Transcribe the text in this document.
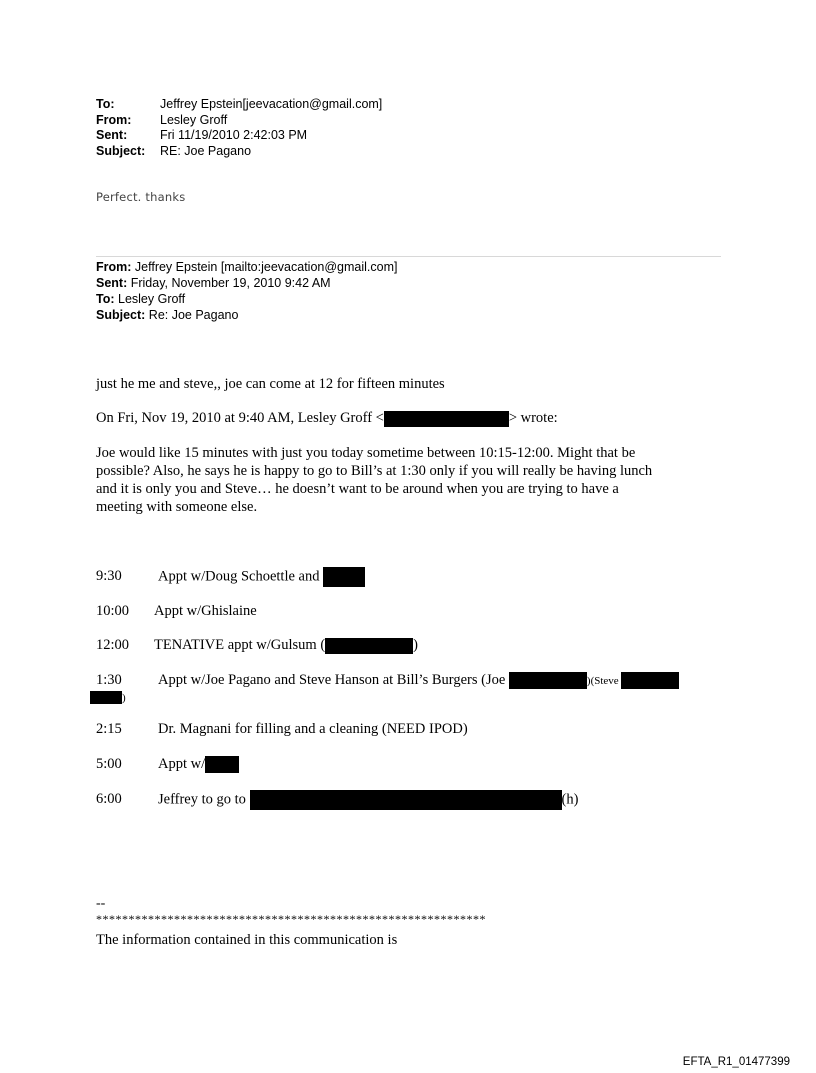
To:	Jeffrey Epstein[jeevacation@gmail.com]
From:	Lesley Groff
Sent:	Fri 11/19/2010 2:42:03 PM
Subject:	RE: Joe Pagano
Perfect. thanks
From: Jeffrey Epstein [mailto:jeevacation@gmail.com]
Sent: Friday, November 19, 2010 9:42 AM
To: Lesley Groff
Subject: Re: Joe Pagano
just he me and steve,, joe can come at 12 for fifteen minutes
On Fri, Nov 19, 2010 at 9:40 AM, Lesley Groff <	> wrote:
Joe would like 15 minutes with just you today sometime between 10:15-12:00. Might that be
possible? Also, he says he is happy to go to Bill’s at 1:30 only if you will really be having lunch
and it is only you and Steve… he doesn’t want to be around when you are trying to have a
meeting with someone else.
9:30 Appt w/Doug Schoettle and
10:00 Appt w/Ghislaine
12:00 TENATIVE appt w/Gulsum (	)
1:30 Appt w/Joe Pagano and Steve Hanson at Bill’s Burgers (Joe	)(Steve
)
2:15 Dr. Magnani for filling and a cleaning (NEED IPOD)
5:00 Appt w/
6:00 Jeffrey to go to	(h)
--
************************************************************
The information contained in this communication is
EFTA_R1_01477399
